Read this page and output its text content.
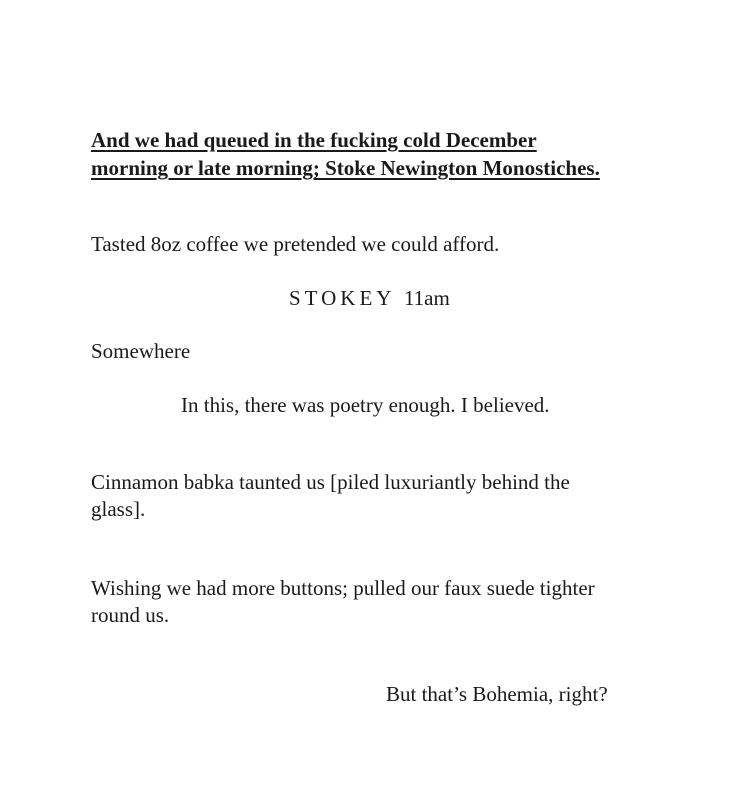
And we had queued in the fucking cold December
morning or late morning; Stoke Newington Monostiches.

Tasted 8oz coffee we pretended we could afford.

STOKEY 11am

Somewhere

In this, there was poetry enough. I believed.

Cinnamon babka taunted us [piled luxuriantly behind the

glass].

Wishing we had more buttons; pulled our faux suede tighter

round us.

But that’s Bohemia, right?
